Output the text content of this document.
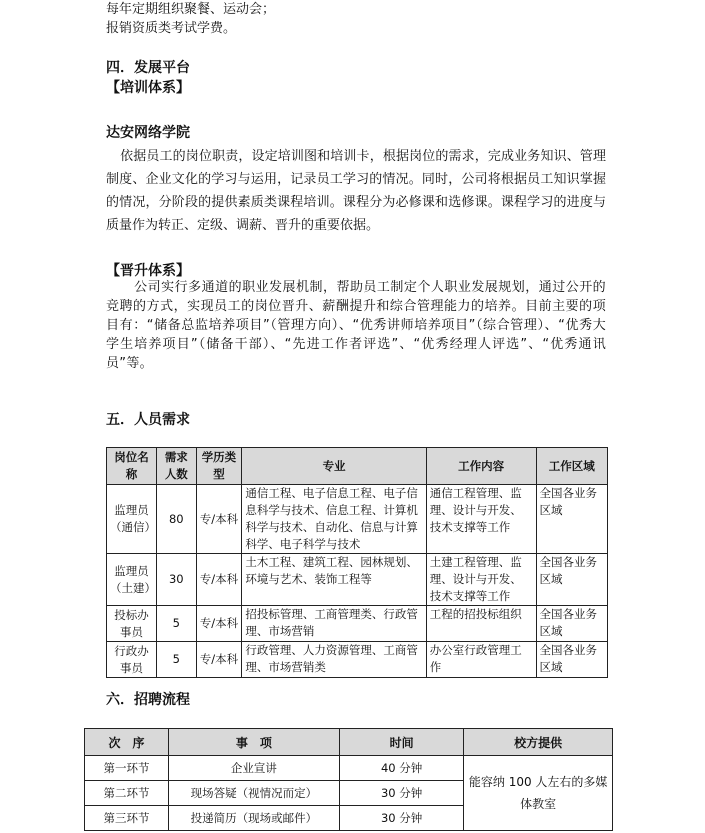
每年定期组织聚餐、运动会；
报销资质类考试学费。
四．发展平台
【培训体系】
达安网络学院
依据员工的岗位职责，设定培训图和培训卡，根据岗位的需求，完成业务知识、管理制度、企业文化的学习与运用，记录员工学习的情况。同时，公司将根据员工知识掌握的情况，分阶段的提供素质类课程培训。课程分为必修课和选修课。课程学习的进度与质量作为转正、定级、调薪、晋升的重要依据。
【晋升体系】
公司实行多通道的职业发展机制，帮助员工制定个人职业发展规划，通过公开的竞聘的方式，实现员工的岗位晋升、薪酬提升和综合管理能力的培养。目前主要的项目有：“储备总监培养项目”（管理方向）、“优秀讲师培养项目”（综合管理）、“优秀大学生培养项目”（储备干部）、“先进工作者评选”、“优秀经理人评选”、“优秀通讯员”等。
五．人员需求
岗位名称	需求人数	学历类型	专业	工作内容	工作区域
监理员（通信）	80	专/本科	通信工程、电子信息工程、电子信息科学与技术、信息工程、计算机科学与技术、自动化、信息与计算科学、电子科学与技术	通信工程管理、监理、设计与开发、技术支撑等工作	全国各业务区域
监理员（土建）	30	专/本科	土木工程、建筑工程、园林规划、环境与艺术、装饰工程等	土建工程管理、监理、设计与开发、技术支撑等工作	全国各业务区域
投标办事员	5	专/本科	招投标管理、工商管理类、行政管理、市场营销	工程的招投标组织	全国各业务区域
行政办事员	5	专/本科	行政管理、人力资源管理、工商管理、市场营销类	办公室行政管理工作	全国各业务区域
六．招聘流程
次　序	事　项	时间	校方提供
第一环节	企业宣讲	40 分钟	能容纳 100 人左右的多媒体教室
第二环节	现场答疑（视情况而定）	30 分钟	
第三环节	投递简历（现场或邮件）	30 分钟	
